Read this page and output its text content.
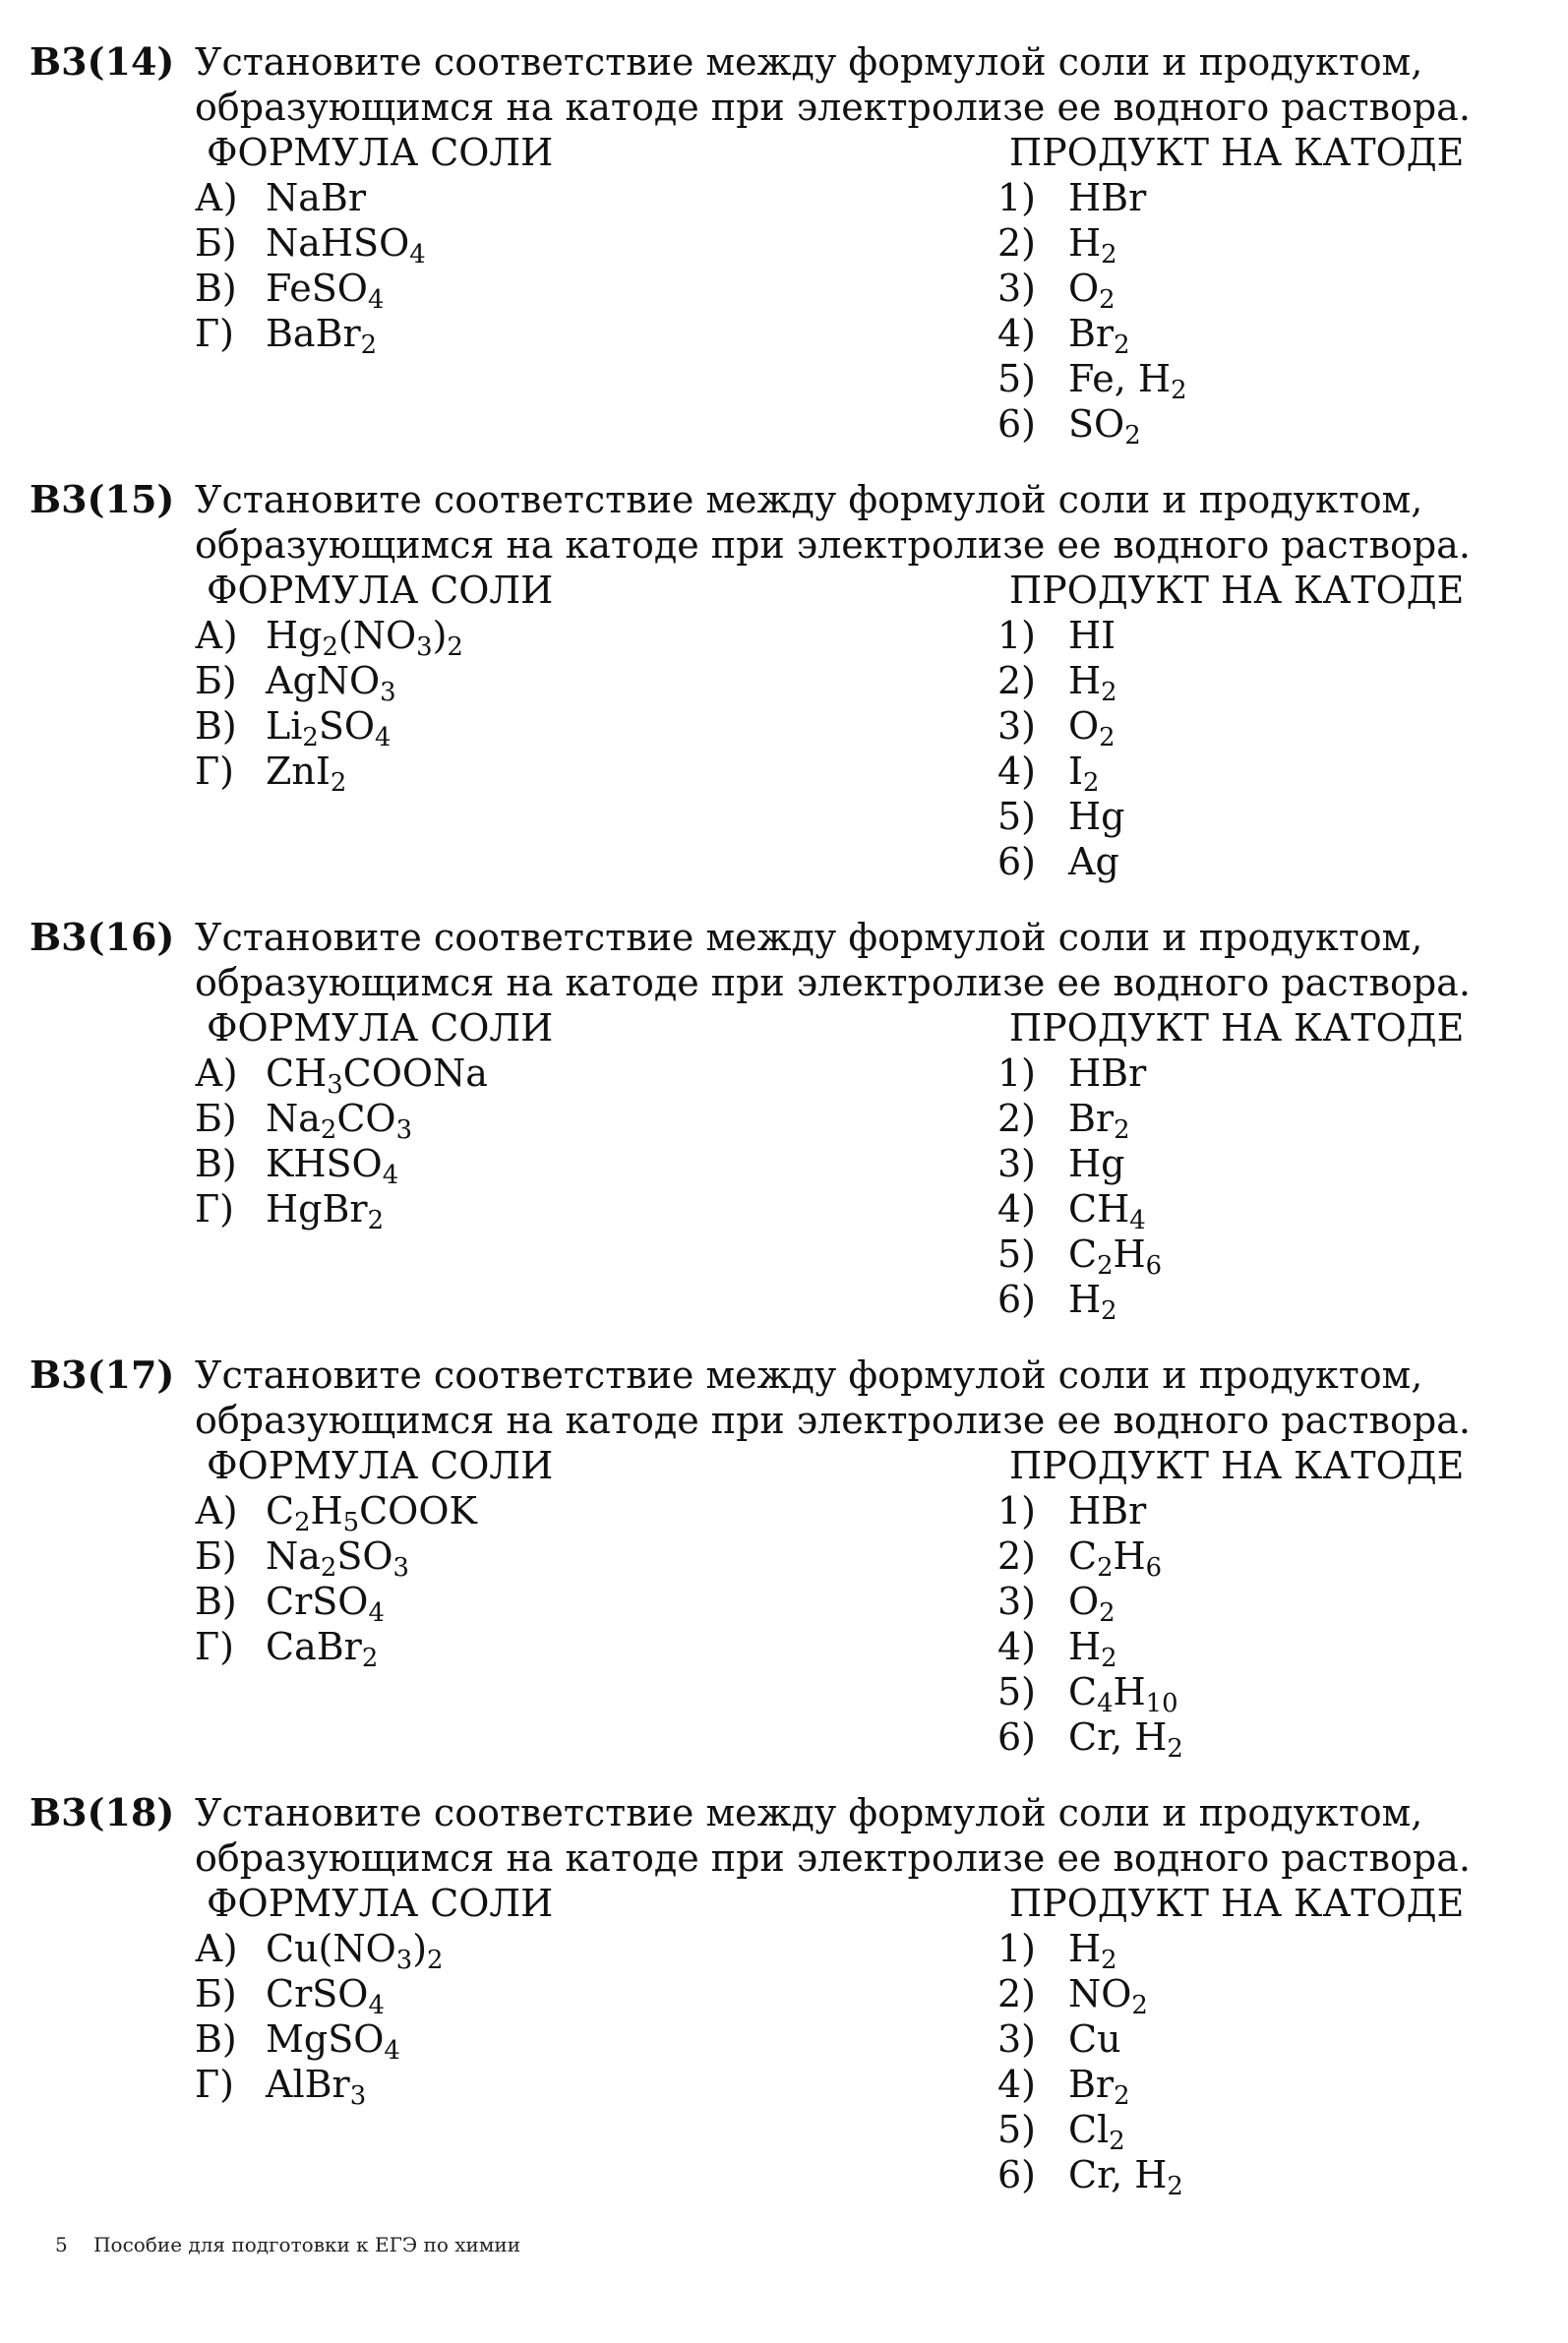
В3(14) Установите соответствие между формулой соли и продуктом,
образующимся на катоде при электролизе ее водного раствора.
ФОРМУЛА СОЛИ
А) NaBr
Б) NaHSO$_4$
В) FeSO$_4$
Г) BaBr$_2$
ПРОДУКТ НА КАТОДЕ
1) HBr
2) $H_2$
3) $O_2$
4) $Br_2$
5) Fe, $H_2$
6) $SO_2$
В3(15) Установите соответствие между формулой соли и продуктом,
образующимся на катоде при электролизе ее водного раствора.
ФОРМУЛА СОЛИ
А) $Hg_2(NO_3)_2$
Б) AgNO$_3$
В) $Li_2SO_4$
Г) ZnI$_2$
ПРОДУКТ НА КАТОДЕ
1) HI
2) $H_2$
3) $O_2$
4) $I_2$
5) Hg
6) Ag
В3(16) Установите соответствие между формулой соли и продуктом,
образующимся на катоде при электролизе ее водного раствора.
ФОРМУЛА СОЛИ
А) $CH_3COONa$
Б) $Na_2CO_3$
В) $KHSO_4$
Г) HgBr$_2$
ПРОДУКТ НА КАТОДЕ
1) HBr
2) $Br_2$
3) Hg
4) $CH_4$
5) $C_2H_6$
6) $H_2$
В3(17) Установите соответствие между формулой соли и продуктом,
образующимся на катоде при электролизе ее водного раствора.
ФОРМУЛА СОЛИ
А) $C_2H_5COOK$
Б) $Na_2SO_3$
В) CrSO$_4$
Г) CaBr$_2$
ПРОДУКТ НА КАТОДЕ
1) HBr
2) $C_2H_6$
3) $O_2$
4) $H_2$
5) $C_4H_{10}$
6) Cr, $H_2$
В3(18) Установите соответствие между формулой соли и продуктом,
образующимся на катоде при электролизе ее водного раствора.
ФОРМУЛА СОЛИ
А) $Cu(NO_3)_2$
Б) CrSO$_4$
В) MgSO$_4$
Г) AlBr$_3$
ПРОДУКТ НА КАТОДЕ
1) $H_2$
2) $NO_2$
3) Cu
4) $Br_2$
5) $Cl_2$
6) Cr, $H_2$
5 Пособие для подготовки к ЕГЭ по химии
